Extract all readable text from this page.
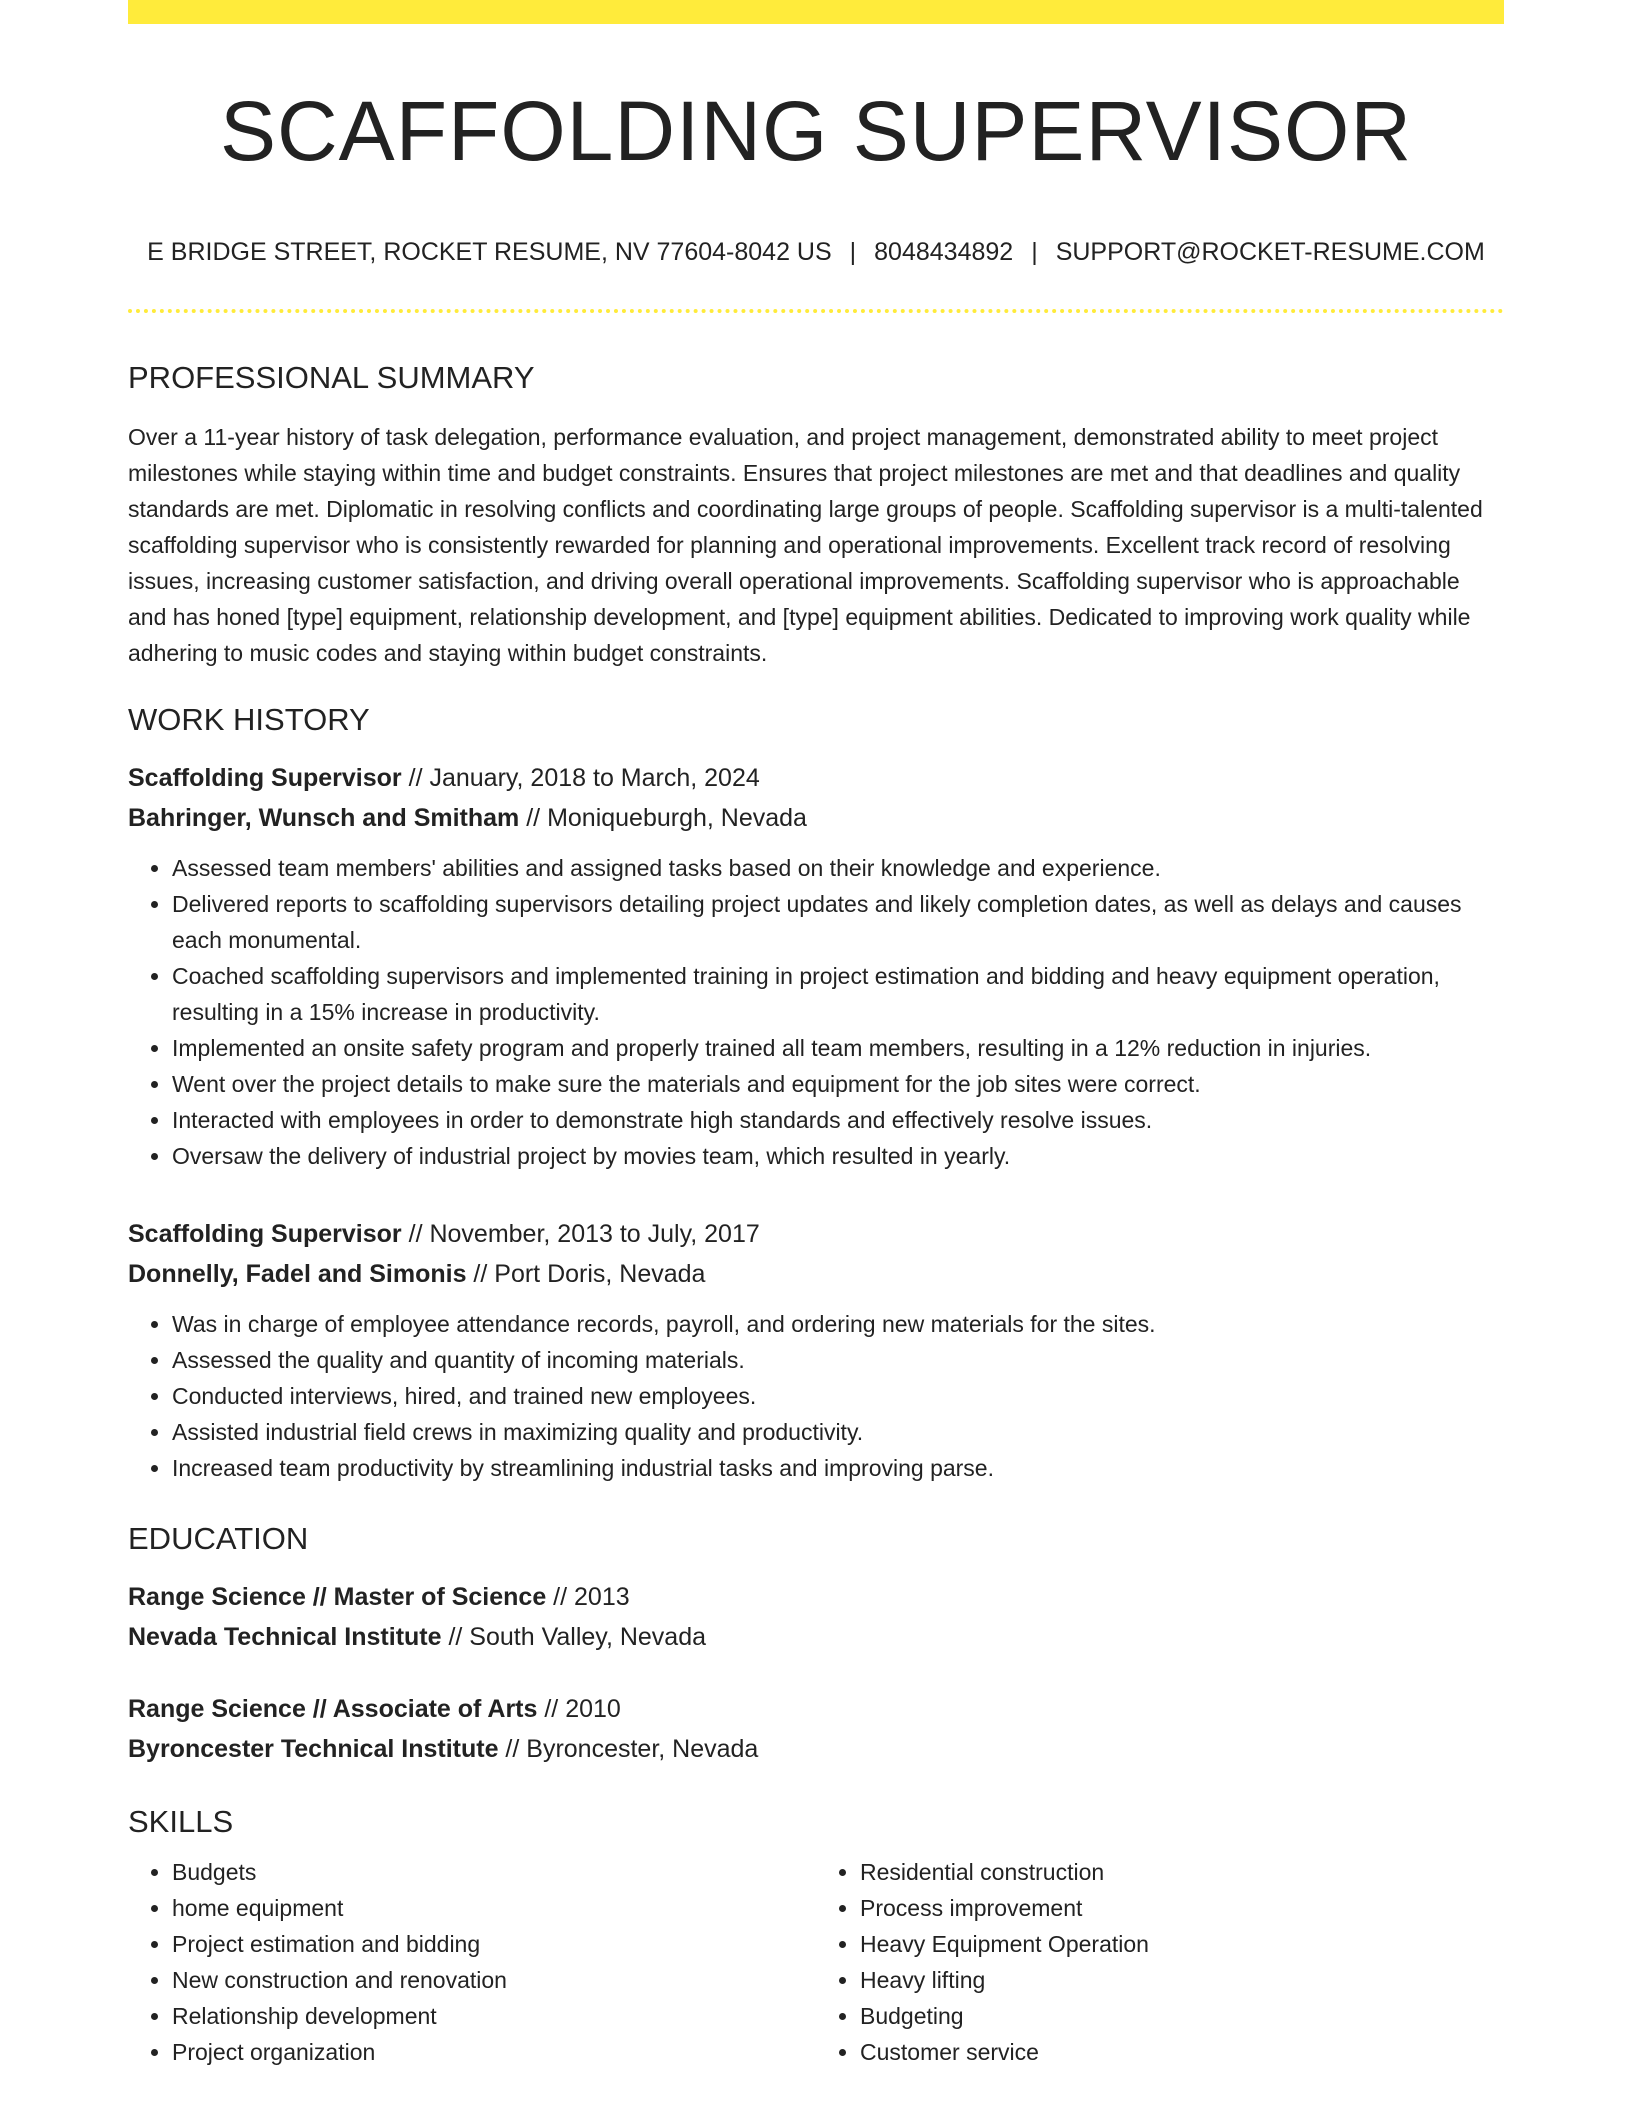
SCAFFOLDING SUPERVISOR
E BRIDGE STREET, ROCKET RESUME, NV 77604-8042 US | 8048434892 | SUPPORT@ROCKET-RESUME.COM
PROFESSIONAL SUMMARY
Over a 11-year history of task delegation, performance evaluation, and project management, demonstrated ability to meet project milestones while staying within time and budget constraints. Ensures that project milestones are met and that deadlines and quality standards are met. Diplomatic in resolving conflicts and coordinating large groups of people. Scaffolding supervisor is a multi-talented scaffolding supervisor who is consistently rewarded for planning and operational improvements. Excellent track record of resolving issues, increasing customer satisfaction, and driving overall operational improvements. Scaffolding supervisor who is approachable and has honed [type] equipment, relationship development, and [type] equipment abilities. Dedicated to improving work quality while adhering to music codes and staying within budget constraints.
WORK HISTORY
Scaffolding Supervisor // January, 2018 to March, 2024
Bahringer, Wunsch and Smitham // Moniqueburgh, Nevada
• Assessed team members' abilities and assigned tasks based on their knowledge and experience.
• Delivered reports to scaffolding supervisors detailing project updates and likely completion dates, as well as delays and causes each monumental.
• Coached scaffolding supervisors and implemented training in project estimation and bidding and heavy equipment operation, resulting in a 15% increase in productivity.
• Implemented an onsite safety program and properly trained all team members, resulting in a 12% reduction in injuries.
• Went over the project details to make sure the materials and equipment for the job sites were correct.
• Interacted with employees in order to demonstrate high standards and effectively resolve issues.
• Oversaw the delivery of industrial project by movies team, which resulted in yearly.
Scaffolding Supervisor // November, 2013 to July, 2017
Donnelly, Fadel and Simonis // Port Doris, Nevada
• Was in charge of employee attendance records, payroll, and ordering new materials for the sites.
• Assessed the quality and quantity of incoming materials.
• Conducted interviews, hired, and trained new employees.
• Assisted industrial field crews in maximizing quality and productivity.
• Increased team productivity by streamlining industrial tasks and improving parse.
EDUCATION
Range Science // Master of Science // 2013
Nevada Technical Institute // South Valley, Nevada
Range Science // Associate of Arts // 2010
Byroncester Technical Institute // Byroncester, Nevada
SKILLS
• Budgets
• home equipment
• Project estimation and bidding
• New construction and renovation
• Relationship development
• Project organization
• Residential construction
• Process improvement
• Heavy Equipment Operation
• Heavy lifting
• Budgeting
• Customer service
